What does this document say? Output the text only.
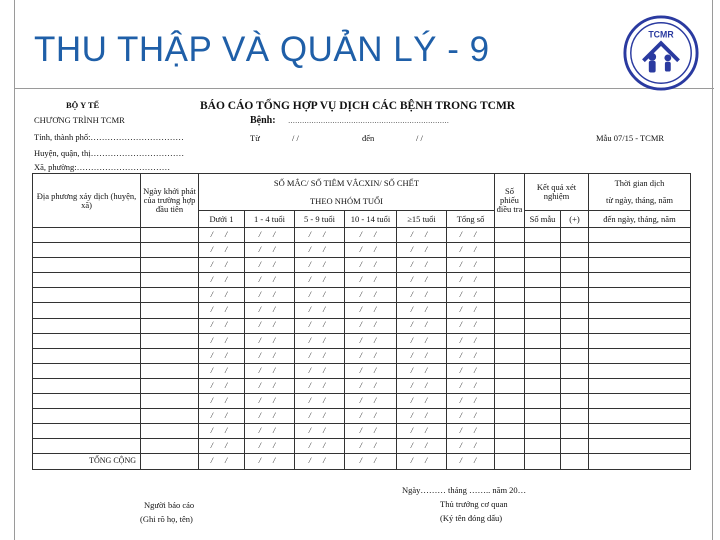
THU THẬP VÀ QUẢN LÝ - 9	TCMR
BỘ Y TẾ
CHƯƠNG TRÌNH TCMR
Tỉnh, thành phố:……………………………
Huyện, quận, thị……………………………
Xã, phường:……………………………
BÁO CÁO TỔNG HỢP VỤ DỊCH CÁC BỆNH TRONG TCMR
Bệnh: ……………………………………………………………
Từ	/ /	đến	/ /	Mẫu 07/15 - TCMR
Địa phương xảy dịch (huyện, xã)	Ngày khởi phát của trường hợp đầu tiên	SỐ MẮC/ SỐ TIÊM VẮCXIN/ SỐ CHẾT						Số phiếu điều tra	Kết quả xét nghiệm		Thời gian dịch
từ ngày, tháng, năm

		THEO NHÓM TUỔI									
		Dưới 1	1 - 4 tuổi	5 - 9 tuổi	10 - 14 tuổi	≥15 tuổi	Tổng số		Số mẫu	(+)	đến ngày, tháng, năm
		/ /	/ /	/ /	/ /	/ /	/ /				
		/ /	/ /	/ /	/ /	/ /	/ /				
		/ /	/ /	/ /	/ /	/ /	/ /				
		/ /	/ /	/ /	/ /	/ /	/ /				
		/ /	/ /	/ /	/ /	/ /	/ /				
		/ /	/ /	/ /	/ /	/ /	/ /				
		/ /	/ /	/ /	/ /	/ /	/ /				
		/ /	/ /	/ /	/ /	/ /	/ /				
		/ /	/ /	/ /	/ /	/ /	/ /				
		/ /	/ /	/ /	/ /	/ /	/ /				
		/ /	/ /	/ /	/ /	/ /	/ /				
		/ /	/ /	/ /	/ /	/ /	/ /				
		/ /	/ /	/ /	/ /	/ /	/ /				
		/ /	/ /	/ /	/ /	/ /	/ /				
		/ /	/ /	/ /	/ /	/ /	/ /				
TỔNG CỘNG		/ /	/ /	/ /	/ /	/ /	/ /				
Ngày……… tháng …….. năm 20…
Người báo cáo	Thủ trưởng cơ quan
(Ghi rõ họ, tên)	(Ký tên đóng dấu)
